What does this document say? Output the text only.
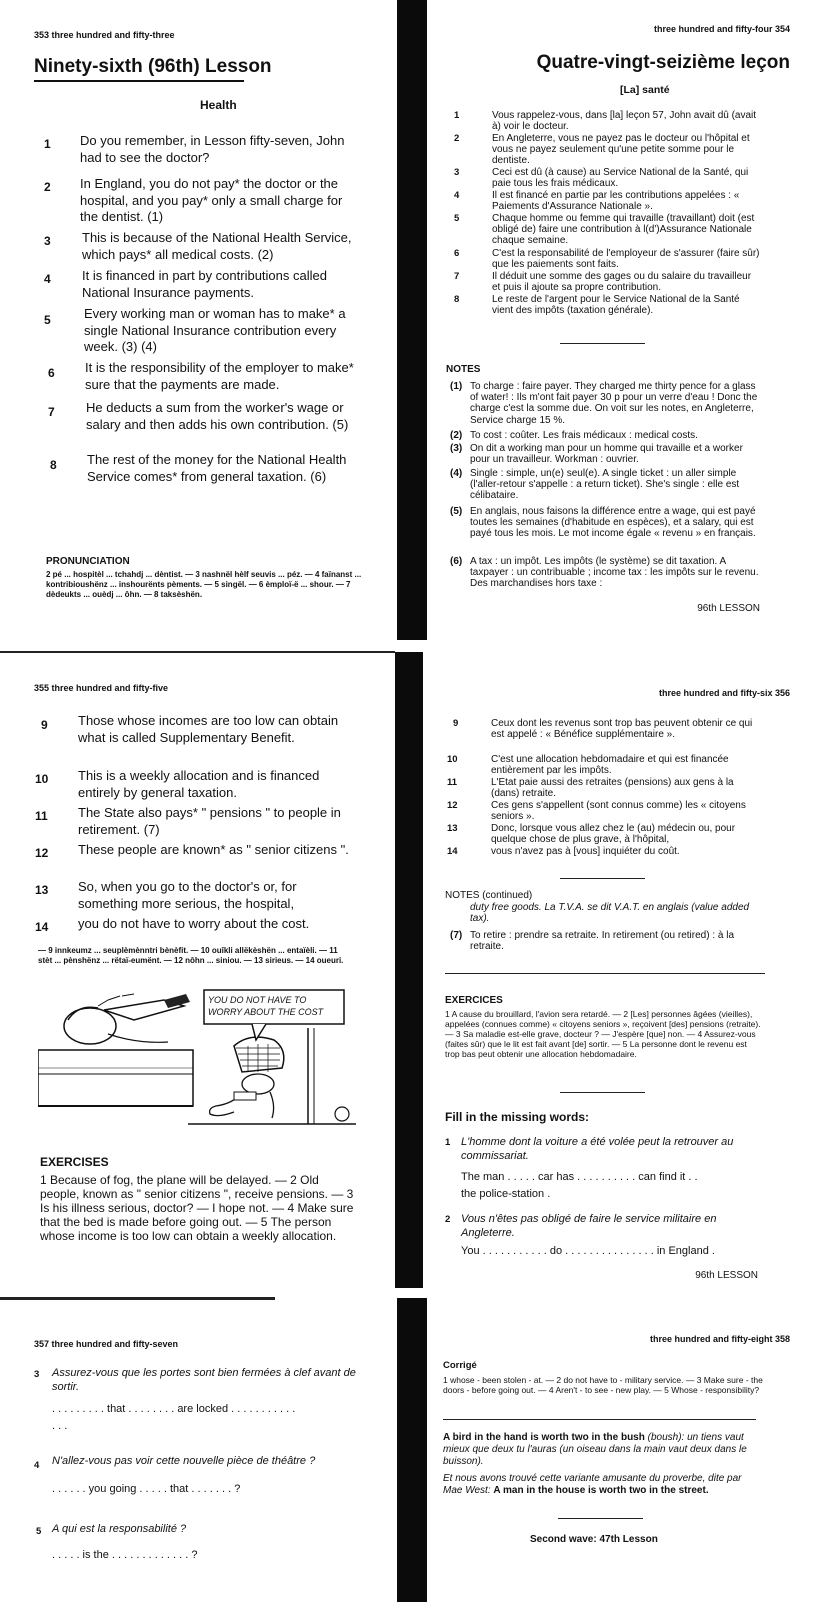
353 three hundred and fifty-three
Ninety-sixth (96th) Lesson
Health
1 Do you remember, in Lesson fifty-seven, John had to see the doctor?
2 In England, you do not pay* the doctor or the hospital, and you pay* only a small charge for the dentist. (1)
3 This is because of the National Health Service, which pays* all medical costs. (2)
4 It is financed in part by contributions called National Insurance payments.
5	Every working man or woman has to make* a single National Insurance contribution every week. (3) (4)
6 It is the responsibility of the employer to make* sure that the payments are made.
7 He deducts a sum from the worker's wage or salary and then adds his own contribution. (5)
8 The rest of the money for the National Health Service comes* from general taxation. (6)
PRONUNCIATION
2 pé ... hospitèl ... tchahdj ... dèntist. — 3 nashnël hèlf seuvis ... péz. — 4 faïnanst ... kontribioushënz ... inshourënts pèments. — 5 singël. — 6 èmploï-ë ... shour. — 7 dèdeukts ... ouèdj ... ôhn. — 8 taksèshën.
three hundred and fifty-four 354
Quatre-vingt-seizième leçon
[La] santé
1	Vous rappelez-vous, dans [la] leçon 57, John avait dû (avait à) voir le docteur.
2	En Angleterre, vous ne payez pas le docteur ou l'hôpital et vous ne payez seulement qu'une petite somme pour le dentiste.
3	Ceci est dû (à cause) au Service National de la Santé, qui paie tous les frais médicaux.
4	Il est financé en partie par les contributions appelées : « Paiements d'Assurance Nationale ».
5	Chaque homme ou femme qui travaille (travaillant) doit (est obligé de) faire une contribution à l(d')Assurance Nationale chaque semaine.
6	C'est la responsabilité de l'employeur de s'assurer (faire sûr) que les paiements sont faits.
7	Il déduit une somme des gages ou du salaire du travailleur et puis il ajoute sa propre contribution.
8	Le reste de l'argent pour le Service National de la Santé vient des impôts (taxation générale).
NOTES
(1) To charge : faire payer. They charged me thirty pence for a glass of water! : Ils m'ont fait payer 30 p pour un verre d'eau ! Donc the charge c'est la somme due. On voit sur les notes, en Angleterre, Service charge 15 %.
(2) To cost : coûter. Les frais médicaux : medical costs.
(3) On dit a working man pour un homme qui travaille et a worker pour un travailleur. Workman : ouvrier.
(4) Single : simple, un(e) seul(e). A single ticket : un aller simple (l'aller-retour s'appelle : a return ticket). She's single : elle est célibataire.
(5) En anglais, nous faisons la différence entre a wage, qui est payé toutes les semaines (d'habitude en espèces), et a salary, qui est payé tous les mois. Le mot income égale « revenu » en français.
(6) A tax : un impôt. Les impôts (le système) se dit taxation. A taxpayer : un contribuable ; income tax : les impôts sur le revenu. Des marchandises hors taxe :
96th LESSON
355 three hundred and fifty-five
9 Those whose incomes are too low can obtain what is called Supplementary Benefit.
10 This is a weekly allocation and is financed entirely by general taxation.
11 The State also pays* " pensions " to people in retirement. (7)
12 These people are known* as " senior citizens ".
13 So, when you go to the doctor's or, for something more serious, the hospital,
14 you do not have to worry about the cost.
— 9 innkeumz ... seuplèmènntri bènèfit. — 10 ouîkli allëkèshën ... entaïèli. — 11 stèt ... pènshënz ... rëtaï-eumënt. — 12 nôhn ... siniou. — 13 sirieus. — 14 oueuri.
YOU DO NOT HAVE TO WORRY ABOUT THE COST
EXERCISES
1 Because of fog, the plane will be delayed. — 2 Old people, known as " senior citizens ", receive pensions. — 3 Is his illness serious, doctor? — I hope not. — 4 Make sure that the bed is made before going out. — 5 The person whose income is too low can obtain a weekly allocation.
three hundred and fifty-six 356
9	Ceux dont les revenus sont trop bas peuvent obtenir ce qui est appelé : « Bénéfice supplémentaire ».
10	C'est une allocation hebdomadaire et qui est financée entièrement par les impôts.
11	L'Etat paie aussi des retraites (pensions) aux gens à la (dans) retraite.
12	Ces gens s'appellent (sont connus comme) les « citoyens seniors ».
13	Donc, lorsque vous allez chez le (au) médecin ou, pour quelque chose de plus grave, à l'hôpital,
14	vous n'avez pas à [vous] inquiéter du coût.
NOTES (continued)
duty free goods. La T.V.A. se dit V.A.T. en anglais (value added tax).
(7) To retire : prendre sa retraite. In retirement (ou retired) : à la retraite.
EXERCICES
1 A cause du brouillard, l'avion sera retardé. — 2 [Les] personnes âgées (vieilles), appelées (connues comme) « citoyens seniors », reçoivent [des] pensions (retraite). — 3 Sa maladie est-elle grave, docteur ? — J'espère [que] non. — 4 Assurez-vous (faites sûr) que le lit est fait avant [de] sortir. — 5 La personne dont le revenu est trop bas peut obtenir une allocation hebdomadaire.
Fill in the missing words:
1 L'homme dont la voiture a été volée peut la retrouver au commissariat.
The man . . . . . car has . . . . . . . . . . can find it . .
the police-station .
2 Vous n'êtes pas obligé de faire le service militaire en Angleterre.
You . . . . . . . . . . . do . . . . . . . . . . . . . . . in England .
96th LESSON
357 three hundred and fifty-seven
3 Assurez-vous que les portes sont bien fermées à clef avant de sortir.
. . . . . . . . . that . . . . . . . . are locked . . . . . . . . . . .
. . .
4 N'allez-vous pas voir cette nouvelle pièce de théâtre ?
. . . . . . you going . . . . . that . . . . . . . ?
5 A qui est la responsabilité ?
. . . . . is the . . . . . . . . . . . . . ?
three hundred and fifty-eight 358
Corrigé
1 whose - been stolen - at. — 2 do not have to - military service. — 3 Make sure - the doors - before going out. — 4 Aren't - to see - new play. — 5 Whose - responsibility?
A bird in the hand is worth two in the bush (boush): un tiens vaut mieux que deux tu l'auras (un oiseau dans la main vaut deux dans le buisson).
Et nous avons trouvé cette variante amusante du proverbe, dite par Mae West: A man in the house is worth two in the street.
Second wave: 47th Lesson
